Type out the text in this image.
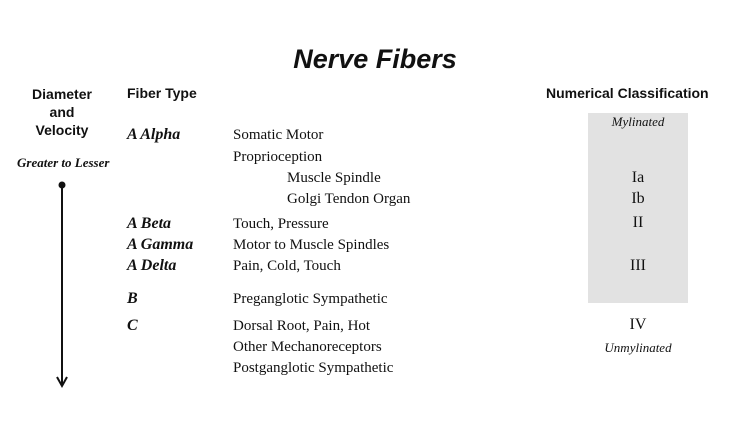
Nerve Fibers
Diameter
and
Velocity
Fiber Type	Numerical Classification
Greater to Lesser
Mylinated
Unmylinated
A Alpha
A Beta
A Gamma
A Delta
B
C
Somatic Motor
Proprioception
Muscle Spindle
Golgi Tendon Organ
Touch, Pressure
Motor to Muscle Spindles
Pain, Cold, Touch
Preganglotic Sympathetic
Dorsal Root, Pain, Hot
Other Mechanoreceptors
Postganglotic Sympathetic
Ia
Ib
II
III
IV
